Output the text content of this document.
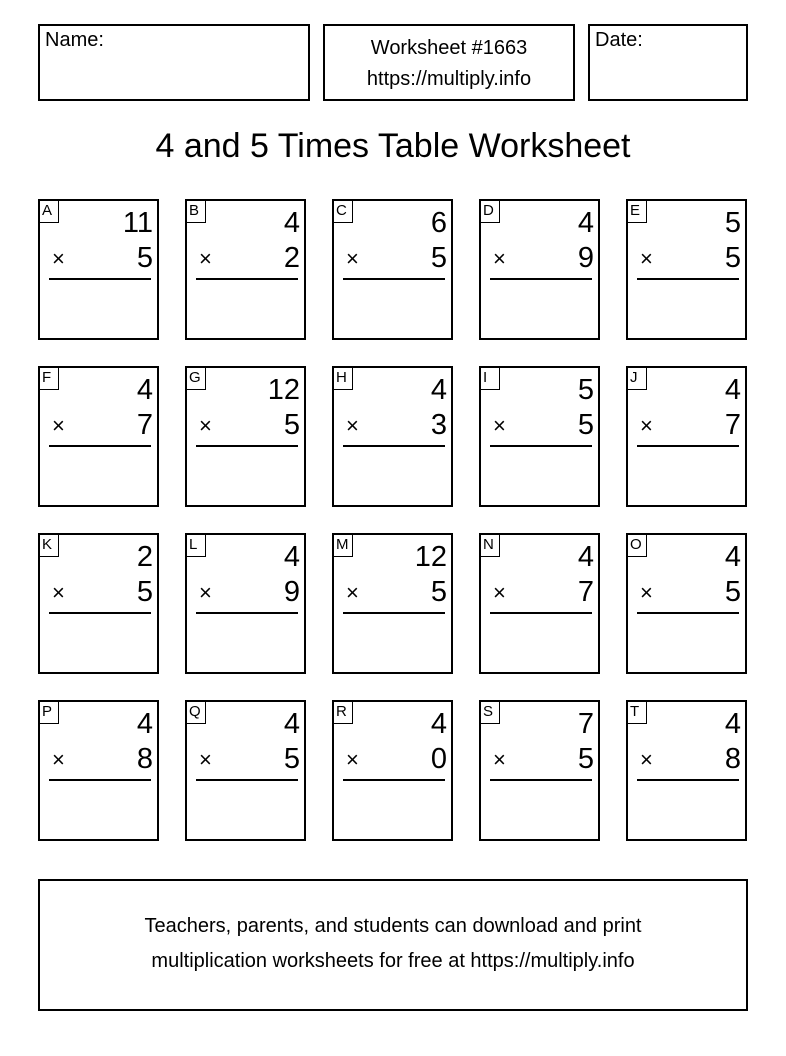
Name:	Worksheet #1663
https://multiply.info
Date:
4 and 5 Times Table Worksheet
A 11
× 5
B	4
× 2
C	6
× 5
D	4
× 9
E	5
× 5
F	4
× 7
G 12
× 5
H	4
× 3
I	5
× 5
J	4
× 7
K	2
× 5
L	4
× 9
M 12
× 5
N	4
× 7
O	4
× 5
P	4
× 8
Q	4
× 5
R	4
× 0
S	7
× 5
T	4
× 8
Teachers, parents, and students can download and print
multiplication worksheets for free at https://multiply.info
